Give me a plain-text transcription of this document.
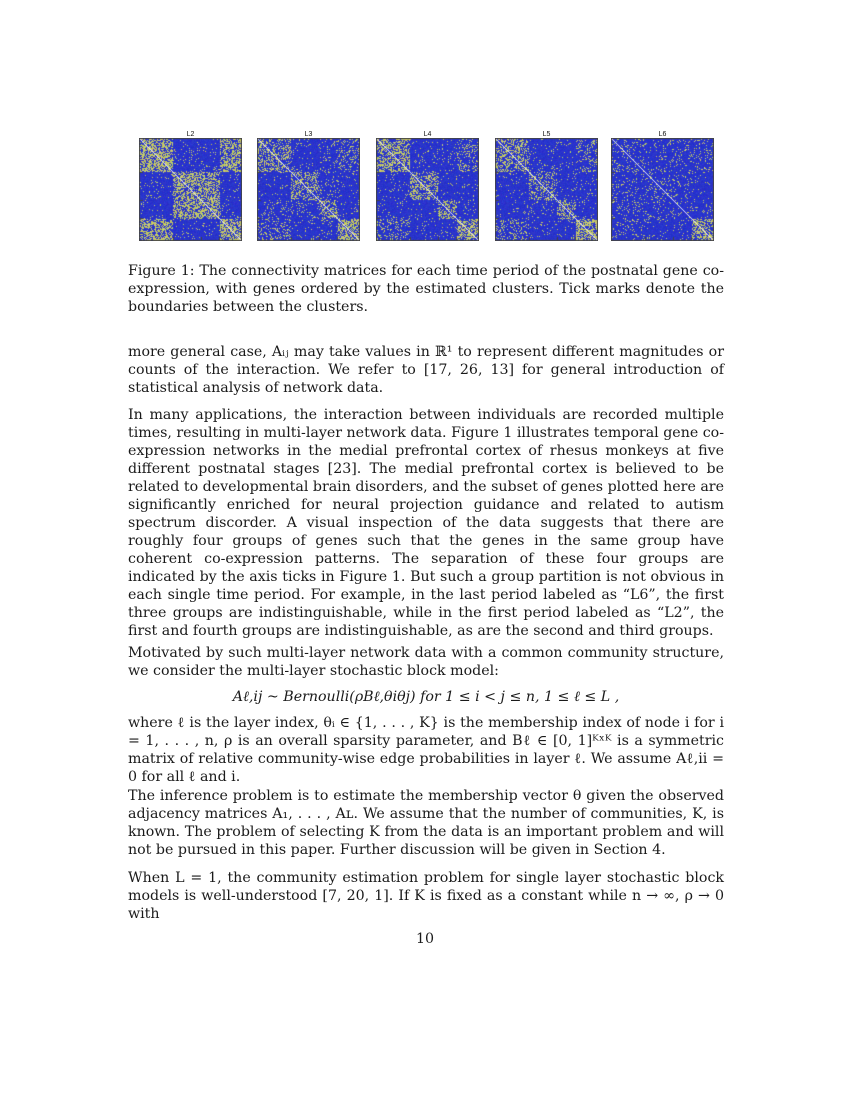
L2	L3	L4	L5	L6

Figure 1: The connectivity matrices for each time period of the postnatal gene co-expression, with genes ordered by the estimated clusters. Tick marks denote the boundaries between the clusters.

more general case, Aᵢⱼ may take values in ℝ¹ to represent different magnitudes or counts of the interaction. We refer to [17, 26, 13] for general introduction of statistical analysis of network data.

In many applications, the interaction between individuals are recorded multiple times, resulting in multi-layer network data. Figure 1 illustrates temporal gene co-expression networks in the medial prefrontal cortex of rhesus monkeys at five different postnatal stages [23]. The medial prefrontal cortex is believed to be related to developmental brain disorders, and the subset of genes plotted here are significantly enriched for neural projection guidance and related to autism spectrum discorder. A visual inspection of the data suggests that there are roughly four groups of genes such that the genes in the same group have coherent co-expression patterns. The separation of these four groups are indicated by the axis ticks in Figure 1. But such a group partition is not obvious in each single time period. For example, in the last period labeled as “L6”, the first three groups are indistinguishable, while in the first period labeled as “L2”, the first and fourth groups are indistinguishable, as are the second and third groups.

Motivated by such multi-layer network data with a common community structure, we consider the multi-layer stochastic block model:

Aℓ,ij ~ Bernoulli(ρBℓ,θiθj) for 1 ≤ i < j ≤ n, 1 ≤ ℓ ≤ L ,

where ℓ is the layer index, θᵢ ∈ {1, . . . , K} is the membership index of node i for i = 1, . . . , n, ρ is an overall sparsity parameter, and Bℓ ∈ [0, 1]ᴷˣᴷ is a symmetric matrix of relative community-wise edge probabilities in layer ℓ. We assume Aℓ,ii = 0 for all ℓ and i.

The inference problem is to estimate the membership vector θ given the observed adjacency matrices A₁, . . . , Aʟ. We assume that the number of communities, K, is known. The problem of selecting K from the data is an important problem and will not be pursued in this paper. Further discussion will be given in Section 4.

When L = 1, the community estimation problem for single layer stochastic block models is well-understood [7, 20, 1]. If K is fixed as a constant while n → ∞, ρ → 0 with

10
